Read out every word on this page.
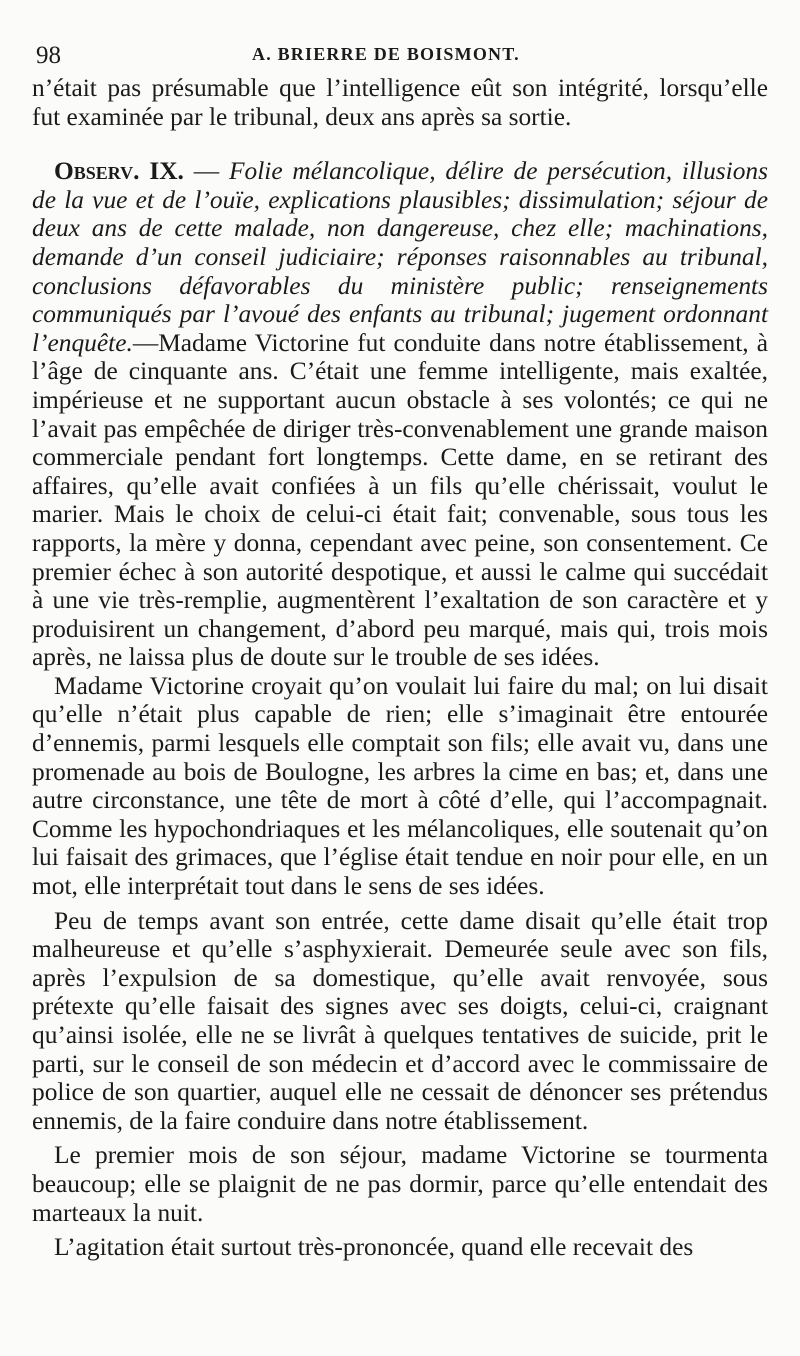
98	A. BRIERRE DE BOISMONT.

n’était pas présumable que l’intelligence eût son intégrité, lorsqu’elle fut examinée par le tribunal, deux ans après sa sortie.

Observ. IX. — Folie mélancolique, délire de persécution, illusions de la vue et de l’ouïe, explications plausibles; dissimulation; séjour de deux ans de cette malade, non dangereuse, chez elle; machinations, demande d’un conseil judiciaire; réponses raisonnables au tribunal, conclusions défavorables du ministère public; renseignements communiqués par l’avoué des enfants au tribunal; jugement ordonnant l’enquête.—Madame Victorine fut conduite dans notre établissement, à l’âge de cinquante ans. C’était une femme intelligente, mais exaltée, impérieuse et ne supportant aucun obstacle à ses volontés; ce qui ne l’avait pas empêchée de diriger très-convenablement une grande maison commerciale pendant fort longtemps. Cette dame, en se retirant des affaires, qu’elle avait confiées à un fils qu’elle chérissait, voulut le marier. Mais le choix de celui-ci était fait; convenable, sous tous les rapports, la mère y donna, cependant avec peine, son consentement. Ce premier échec à son autorité despotique, et aussi le calme qui succédait à une vie très-remplie, augmentèrent l’exaltation de son caractère et y produisirent un changement, d’abord peu marqué, mais qui, trois mois après, ne laissa plus de doute sur le trouble de ses idées.

Madame Victorine croyait qu’on voulait lui faire du mal; on lui disait qu’elle n’était plus capable de rien; elle s’imaginait être entourée d’ennemis, parmi lesquels elle comptait son fils; elle avait vu, dans une promenade au bois de Boulogne, les arbres la cime en bas; et, dans une autre circonstance, une tête de mort à côté d’elle, qui l’accompagnait. Comme les hypochondriaques et les mélancoliques, elle soutenait qu’on lui faisait des grimaces, que l’église était tendue en noir pour elle, en un mot, elle interprétait tout dans le sens de ses idées.

Peu de temps avant son entrée, cette dame disait qu’elle était trop malheureuse et qu’elle s’asphyxierait. Demeurée seule avec son fils, après l’expulsion de sa domestique, qu’elle avait renvoyée, sous prétexte qu’elle faisait des signes avec ses doigts, celui-ci, craignant qu’ainsi isolée, elle ne se livrât à quelques tentatives de suicide, prit le parti, sur le conseil de son médecin et d’accord avec le commissaire de police de son quartier, auquel elle ne cessait de dénoncer ses prétendus ennemis, de la faire conduire dans notre établissement.

Le premier mois de son séjour, madame Victorine se tourmenta beaucoup; elle se plaignit de ne pas dormir, parce qu’elle entendait des marteaux la nuit.

L’agitation était surtout très-prononcée, quand elle recevait des
